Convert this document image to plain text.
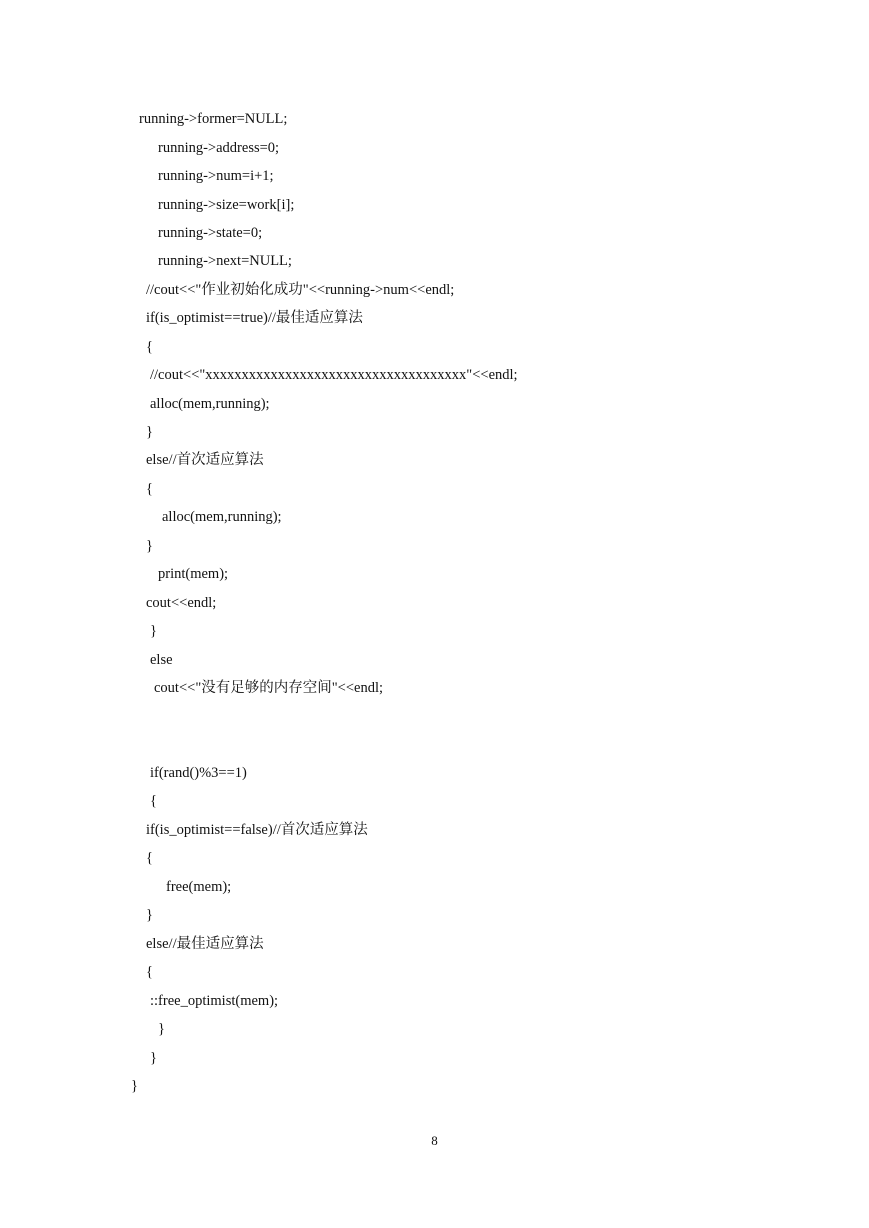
running->former=NULL;
running->address=0;
running->num=i+1;
running->size=work[i];
running->state=0;
running->next=NULL;
//cout<<"作业初始化成功"<<running->num<<endl;
if(is_optimist==true)//最佳适应算法
{
//cout<<"xxxxxxxxxxxxxxxxxxxxxxxxxxxxxxxxxxxx"<<endl;
alloc(mem,running);
}
else//首次适应算法
{
alloc(mem,running);
}
print(mem);
cout<<endl;
}
else
cout<<"没有足够的内存空间"<<endl;
if(rand()%3==1)
{
if(is_optimist==false)//首次适应算法
{
free(mem);
}
else//最佳适应算法
{
::free_optimist(mem);
}
}
}
8
